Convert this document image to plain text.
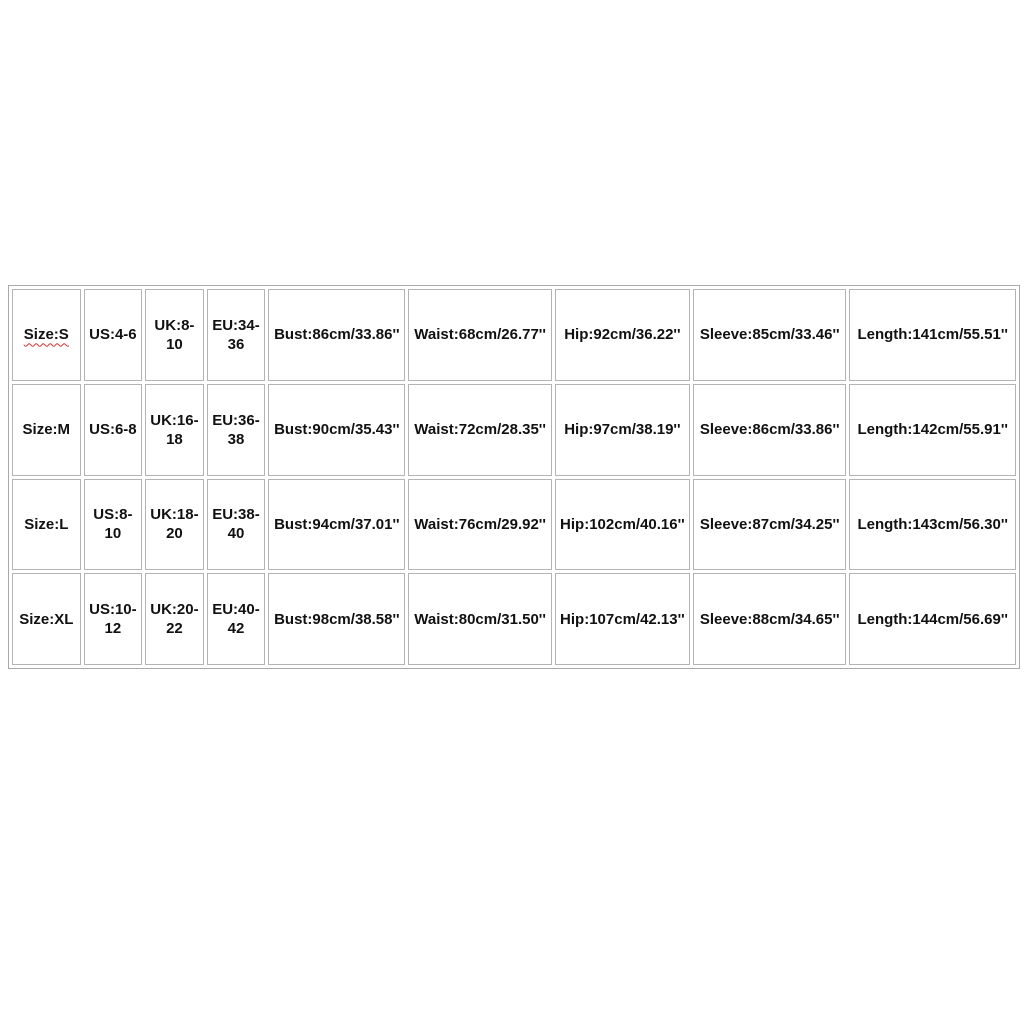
Size:S	US:4-6	UK:8-
10	EU:34-
36	Bust:86cm/33.86''	Waist:68cm/26.77''	Hip:92cm/36.22''	Sleeve:85cm/33.46''	Length:141cm/55.51''
Size:M	US:6-8	UK:16-
18	EU:36-
38	Bust:90cm/35.43''	Waist:72cm/28.35''	Hip:97cm/38.19''	Sleeve:86cm/33.86''	Length:142cm/55.91''
Size:L	US:8-
10	UK:18-
20	EU:38-
40	Bust:94cm/37.01''	Waist:76cm/29.92''	Hip:102cm/40.16''	Sleeve:87cm/34.25''	Length:143cm/56.30''
Size:XL	US:10-
12	UK:20-
22	EU:40-
42	Bust:98cm/38.58''	Waist:80cm/31.50''	Hip:107cm/42.13''	Sleeve:88cm/34.65''	Length:144cm/56.69''
